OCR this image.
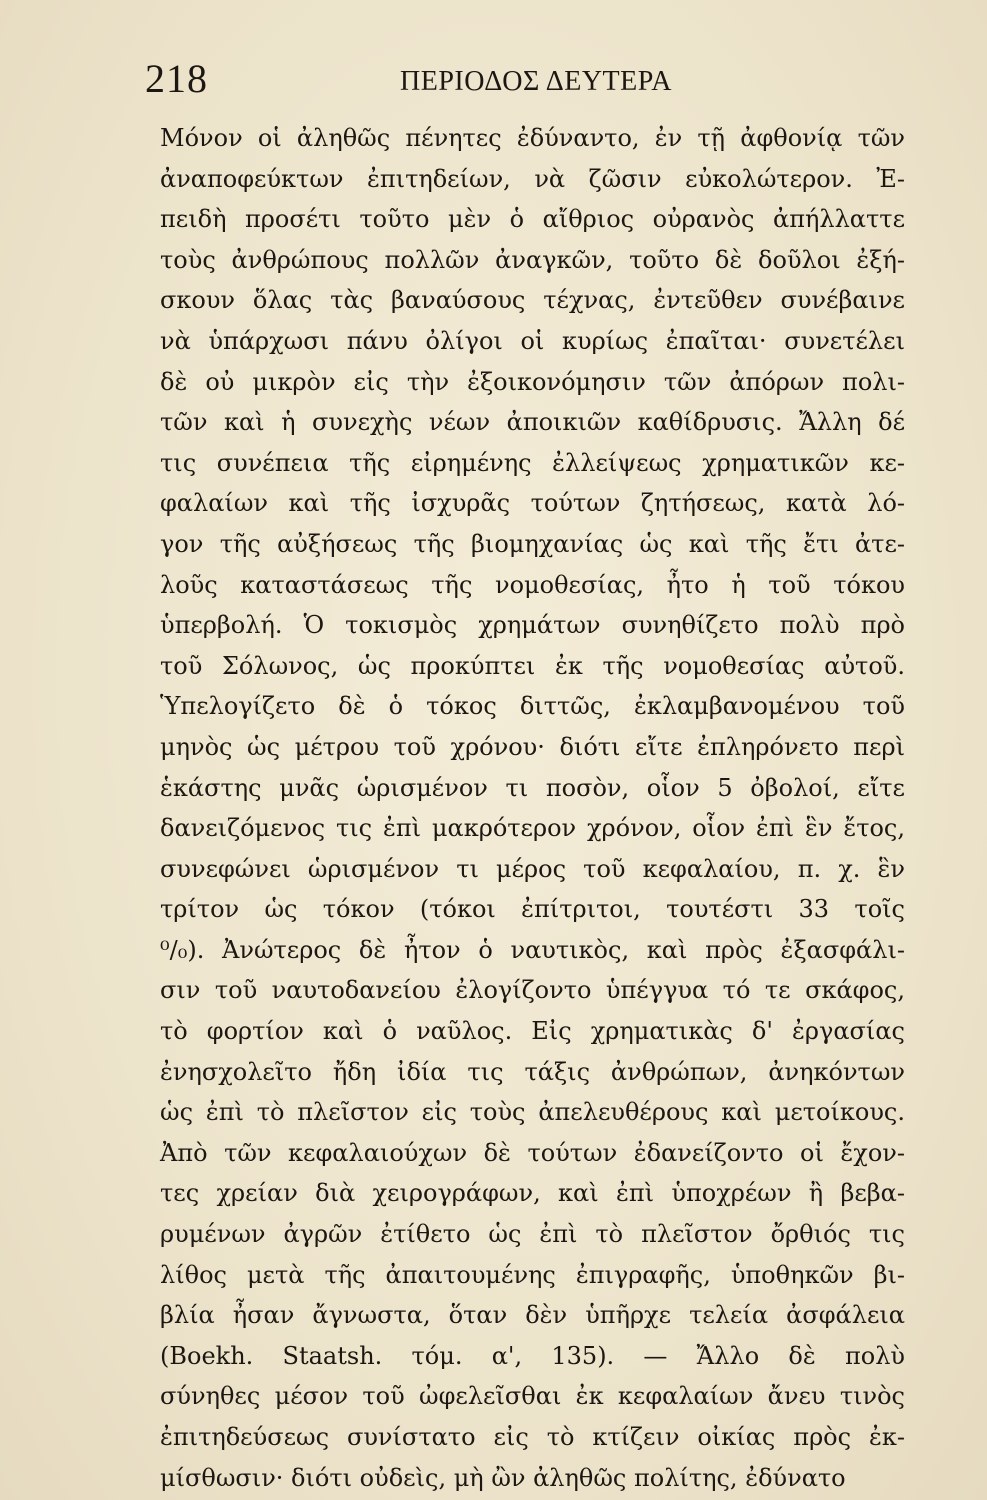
218	ΠΕΡΙΟΔΟΣ ΔΕΥΤΕΡΑ
Μόνον οἱ ἀληθῶς πένητες ἐδύναντο, ἐν τῇ ἀφθονίᾳ τῶν
ἀναποφεύκτων ἐπιτηδείων, νὰ ζῶσιν εὐκολώτερον. Ἐ-
πειδὴ προσέτι τοῦτο μὲν ὁ αἴθριος οὐρανὸς ἀπήλλαττε
τοὺς ἀνθρώπους πολλῶν ἀναγκῶν, τοῦτο δὲ δοῦλοι ἐξή-
σκουν ὅλας τὰς βαναύσους τέχνας, ἐντεῦθεν συνέβαινε
νὰ ὑπάρχωσι πάνυ ὀλίγοι οἱ κυρίως ἐπαῖται· συνετέλει
δὲ οὐ μικρὸν εἰς τὴν ἐξοικονόμησιν τῶν ἀπόρων πολι-
τῶν καὶ ἡ συνεχὴς νέων ἀποικιῶν καθίδρυσις. Ἄλλη δέ
τις συνέπεια τῆς εἰρημένης ἐλλείψεως χρηματικῶν κε-
φαλαίων καὶ τῆς ἰσχυρᾶς τούτων ζητήσεως, κατὰ λό-
γον τῆς αὐξήσεως τῆς βιομηχανίας ὡς καὶ τῆς ἔτι ἀτε-
λοῦς καταστάσεως τῆς νομοθεσίας, ἦτο ἡ τοῦ τόκου
ὑπερβολή. Ὁ τοκισμὸς χρημάτων συνηθίζετο πολὺ πρὸ
τοῦ Σόλωνος, ὡς προκύπτει ἐκ τῆς νομοθεσίας αὐτοῦ.
Ὑπελογίζετο δὲ ὁ τόκος διττῶς, ἐκλαμβανομένου τοῦ
μηνὸς ὡς μέτρου τοῦ χρόνου· διότι εἴτε ἐπληρόνετο περὶ
ἑκάστης μνᾶς ὡρισμένον τι ποσὸν, οἷον 5 ὀβολοί, εἴτε
δανειζόμενος τις ἐπὶ μακρότερον χρόνον, οἷον ἐπὶ ἓν ἔτος,
συνεφώνει ὡρισμένον τι μέρος τοῦ κεφαλαίου, π. χ. ἓν
τρίτον ὡς τόκον (τόκοι ἐπίτριτοι, τουτέστι 33 τοῖς
⁰/₀). Ἀνώτερος δὲ ἦτον ὁ ναυτικὸς, καὶ πρὸς ἐξασφάλι-
σιν τοῦ ναυτοδανείου ἐλογίζοντο ὑπέγγυα τό τε σκάφος,
τὸ φορτίον καὶ ὁ ναῦλος. Εἰς χρηματικὰς δ' ἐργασίας
ἐνησχολεῖτο ἤδη ἰδία τις τάξις ἀνθρώπων, ἀνηκόντων
ὡς ἐπὶ τὸ πλεῖστον εἰς τοὺς ἀπελευθέρους καὶ μετοίκους.
Ἀπὸ τῶν κεφαλαιούχων δὲ τούτων ἐδανείζοντο οἱ ἔχον-
τες χρείαν διὰ χειρογράφων, καὶ ἐπὶ ὑποχρέων ἢ βεβα-
ρυμένων ἀγρῶν ἐτίθετο ὡς ἐπὶ τὸ πλεῖστον ὄρθιός τις
λίθος μετὰ τῆς ἀπαιτουμένης ἐπιγραφῆς, ὑποθηκῶν βι-
βλία ἦσαν ἄγνωστα, ὅταν δὲν ὑπῆρχε τελεία ἀσφάλεια
(Boekh. Staatsh. τόμ. α', 135). — Ἄλλο δὲ πολὺ
σύνηθες μέσον τοῦ ὠφελεῖσθαι ἐκ κεφαλαίων ἄνευ τινὸς
ἐπιτηδεύσεως συνίστατο εἰς τὸ κτίζειν οἰκίας πρὸς ἐκ-
μίσθωσιν· διότι οὐδεὶς, μὴ ὢν ἀληθῶς πολίτης, ἐδύνατο
